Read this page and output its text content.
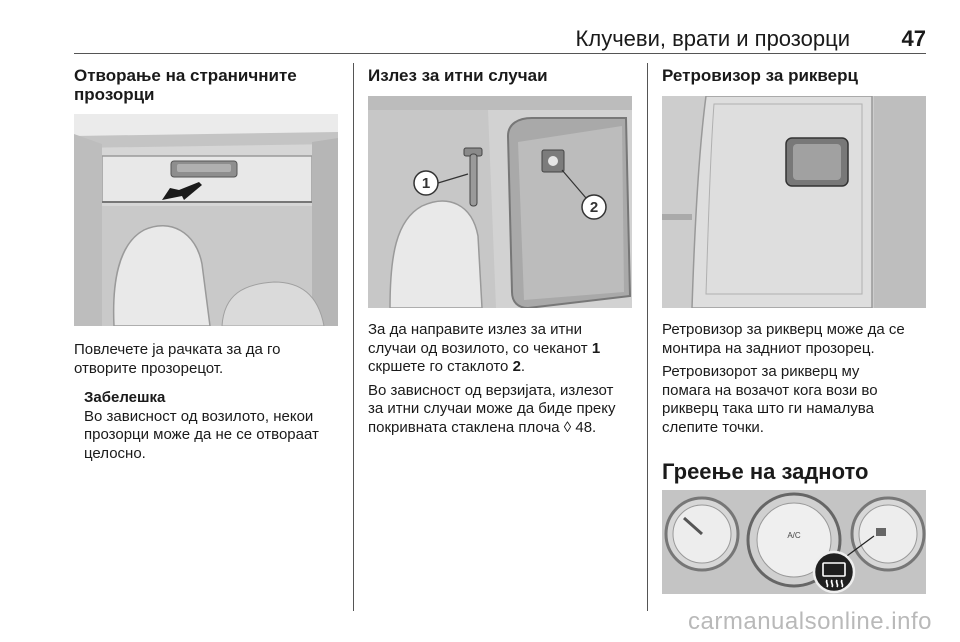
Клучеви, врати и прозорци 47
Отворање на страничните
прозорци
Повлечете ја рачката за да го
отворите прозорецот.
Забелешка
Во зависност од возилото, некои
прозорци може да не се отвораат
целосно.
Излез за итни случаи
1
2
За да направите излез за итни
случаи од возилото, со чеканот 1
скршете го стаклото 2.
Во зависност од верзијата, излезот
за итни случаи може да биде преку
покривната стаклена плоча ◊ 48.
Ретровизор за рикверц
Ретровизор за рикверц може да се
монтира на задниот прозорец.
Ретровизорот за рикверц му
помага на возачот кога вози во
рикверц така што ги намалува
слепите точки.
Греење на задното
A/C
carmanualsonline.info
